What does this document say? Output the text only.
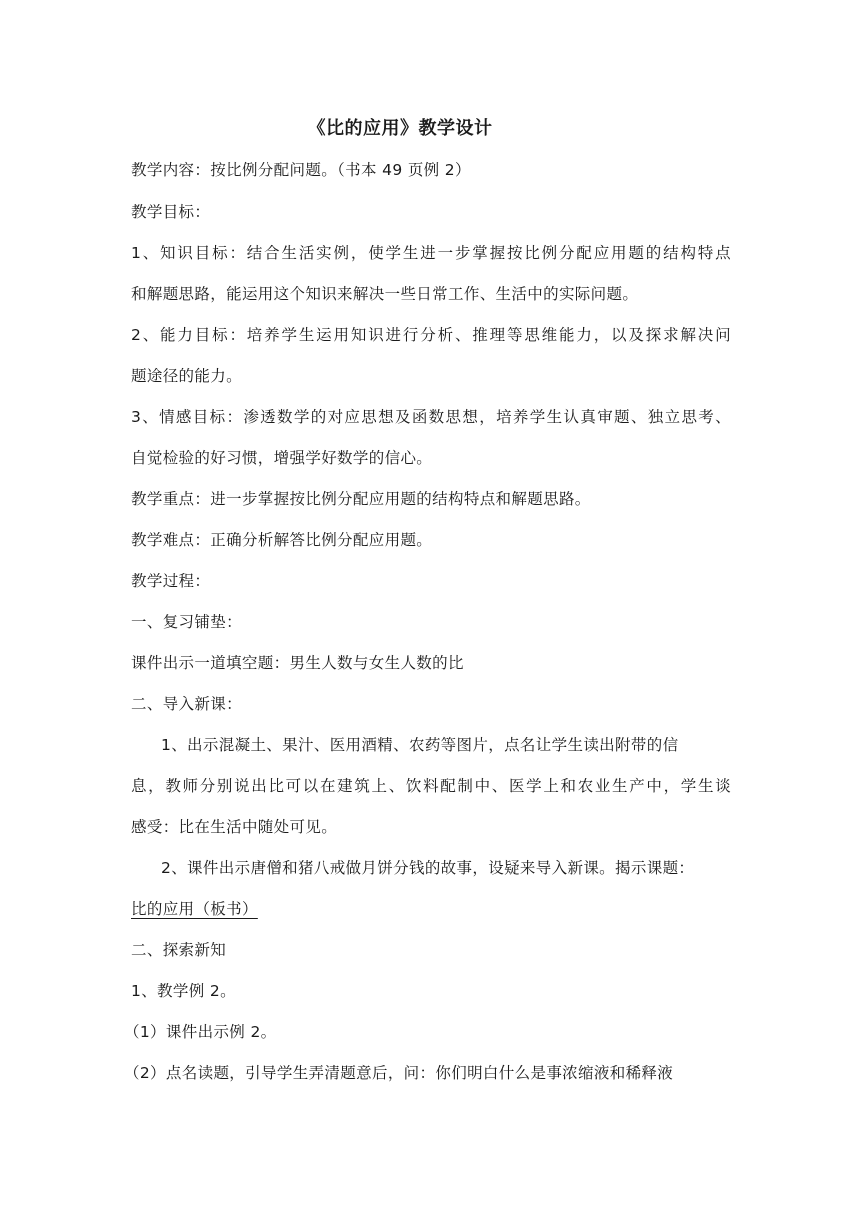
《比的应用》教学设计
教学内容：按比例分配问题。（书本 49 页例 2）
教学目标：
1、知识目标：结合生活实例，使学生进一步掌握按比例分配应用题的结构特点
和解题思路，能运用这个知识来解决一些日常工作、生活中的实际问题。
2、能力目标：培养学生运用知识进行分析、推理等思维能力，以及探求解决问
题途径的能力。
3、情感目标：渗透数学的对应思想及函数思想，培养学生认真审题、独立思考、
自觉检验的好习惯，增强学好数学的信心。
教学重点：进一步掌握按比例分配应用题的结构特点和解题思路。
教学难点：正确分析解答比例分配应用题。
教学过程：
一、复习铺垫：
课件出示一道填空题：男生人数与女生人数的比
二、导入新课：
1、出示混凝土、果汁、医用酒精、农药等图片，点名让学生读出附带的信
息，教师分别说出比可以在建筑上、饮料配制中、医学上和农业生产中，学生谈
感受：比在生活中随处可见。
2、课件出示唐僧和猪八戒做月饼分钱的故事，设疑来导入新课。揭示课题：
比的应用（板书）
二、探索新知
1、教学例 2。
（1）课件出示例 2。
（2）点名读题，引导学生弄清题意后，问：你们明白什么是事浓缩液和稀释液
